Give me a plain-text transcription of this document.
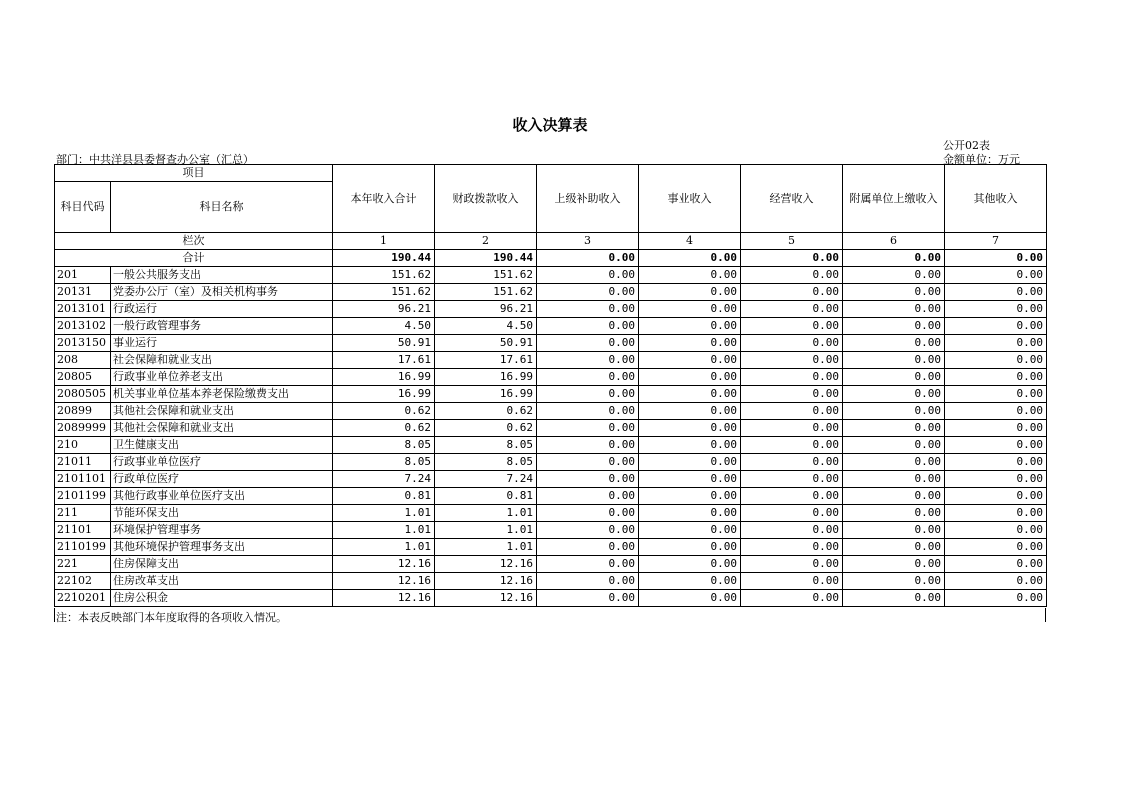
收入决算表
公开02表
部门：中共洋县县委督查办公室（汇总）	金额单位：万元
项目		本年收入合计	财政拨款收入	上级补助收入	事业收入	经营收入	附属单位上缴收入	其他收入
科目代码	科目名称							

栏次		1	2	3	4	5	6	7
合计		190.44	190.44	0.00	0.00	0.00	0.00	0.00
201	一般公共服务支出	151.62	151.62	0.00	0.00	0.00	0.00	0.00
20131	党委办公厅（室）及相关机构事务	151.62	151.62	0.00	0.00	0.00	0.00	0.00
2013101	行政运行	96.21	96.21	0.00	0.00	0.00	0.00	0.00
2013102	一般行政管理事务	4.50	4.50	0.00	0.00	0.00	0.00	0.00
2013150	事业运行	50.91	50.91	0.00	0.00	0.00	0.00	0.00
208	社会保障和就业支出	17.61	17.61	0.00	0.00	0.00	0.00	0.00
20805	行政事业单位养老支出	16.99	16.99	0.00	0.00	0.00	0.00	0.00
2080505	机关事业单位基本养老保险缴费支出	16.99	16.99	0.00	0.00	0.00	0.00	0.00
20899	其他社会保障和就业支出	0.62	0.62	0.00	0.00	0.00	0.00	0.00
2089999	其他社会保障和就业支出	0.62	0.62	0.00	0.00	0.00	0.00	0.00
210	卫生健康支出	8.05	8.05	0.00	0.00	0.00	0.00	0.00
21011	行政事业单位医疗	8.05	8.05	0.00	0.00	0.00	0.00	0.00
2101101	行政单位医疗	7.24	7.24	0.00	0.00	0.00	0.00	0.00
2101199	其他行政事业单位医疗支出	0.81	0.81	0.00	0.00	0.00	0.00	0.00
211	节能环保支出	1.01	1.01	0.00	0.00	0.00	0.00	0.00
21101	环境保护管理事务	1.01	1.01	0.00	0.00	0.00	0.00	0.00
2110199	其他环境保护管理事务支出	1.01	1.01	0.00	0.00	0.00	0.00	0.00
221	住房保障支出	12.16	12.16	0.00	0.00	0.00	0.00	0.00
22102	住房改革支出	12.16	12.16	0.00	0.00	0.00	0.00	0.00
2210201	住房公积金	12.16	12.16	0.00	0.00	0.00	0.00	0.00
注：本表反映部门本年度取得的各项收入情况。
